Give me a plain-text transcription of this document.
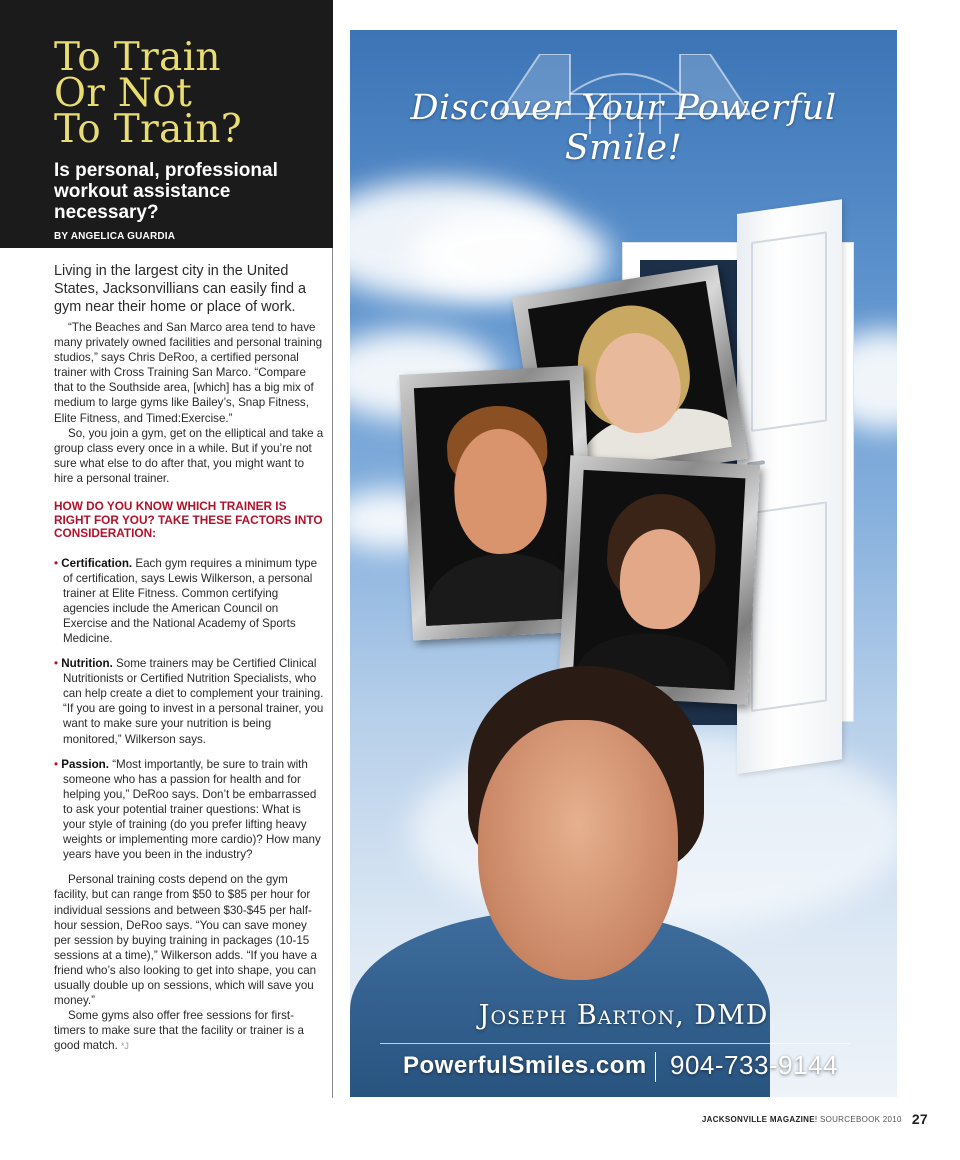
To Train
Or Not
To Train?
Is personal, professional workout assistance necessary?
BY ANGELICA GUARDIA

Living in the largest city in the United States, Jacksonvillians can easily find a gym near their home or place of work.

“The Beaches and San Marco area tend to have many privately owned facilities and personal training studios,” says Chris DeRoo, a certified personal trainer with Cross Training San Marco. “Compare that to the Southside area, [which] has a big mix of medium to large gyms like Bailey’s, Snap Fitness, Elite Fitness, and Timed:Exercise.”

So, you join a gym, get on the elliptical and take a group class every once in a while. But if you’re not sure what else to do after that, you might want to hire a personal trainer.

HOW DO YOU KNOW WHICH TRAINER IS RIGHT FOR YOU? TAKE THESE FACTORS INTO CONSIDERATION:

• Certification. Each gym requires a minimum type of certification, says Lewis Wilkerson, a personal trainer at Elite Fitness. Common certifying agencies include the American Council on Exercise and the National Academy of Sports Medicine.

• Nutrition. Some trainers may be Certified Clinical Nutritionists or Certified Nutrition Specialists, who can help create a diet to complement your training. “If you are going to invest in a personal trainer, you want to make sure your nutrition is being monitored,” Wilkerson says.

• Passion. “Most importantly, be sure to train with someone who has a passion for health and for helping you,” DeRoo says. Don’t be embarrassed to ask your potential trainer questions: What is your style of training (do you prefer lifting heavy weights or implementing more cardio)? How many years have you been in the industry?

Personal training costs depend on the gym facility, but can range from $50 to $85 per hour for individual sessions and between $30-$45 per half-hour session, DeRoo says. “You can save money per session by buying training in packages (10-15 sessions at a time),” Wilkerson adds. “If you have a friend who’s also looking to get into shape, you can usually double up on sessions, which will save you money.”

Some gyms also offer free sessions for first-timers to make sure that the facility or trainer is a good match. *J

Discover Your Powerful Smile!
Joseph Barton, DMD
PowerfulSmiles.com 904-733-9144
JACKSONVILLE MAGAZINE! SOURCEBOOK 2010 27
